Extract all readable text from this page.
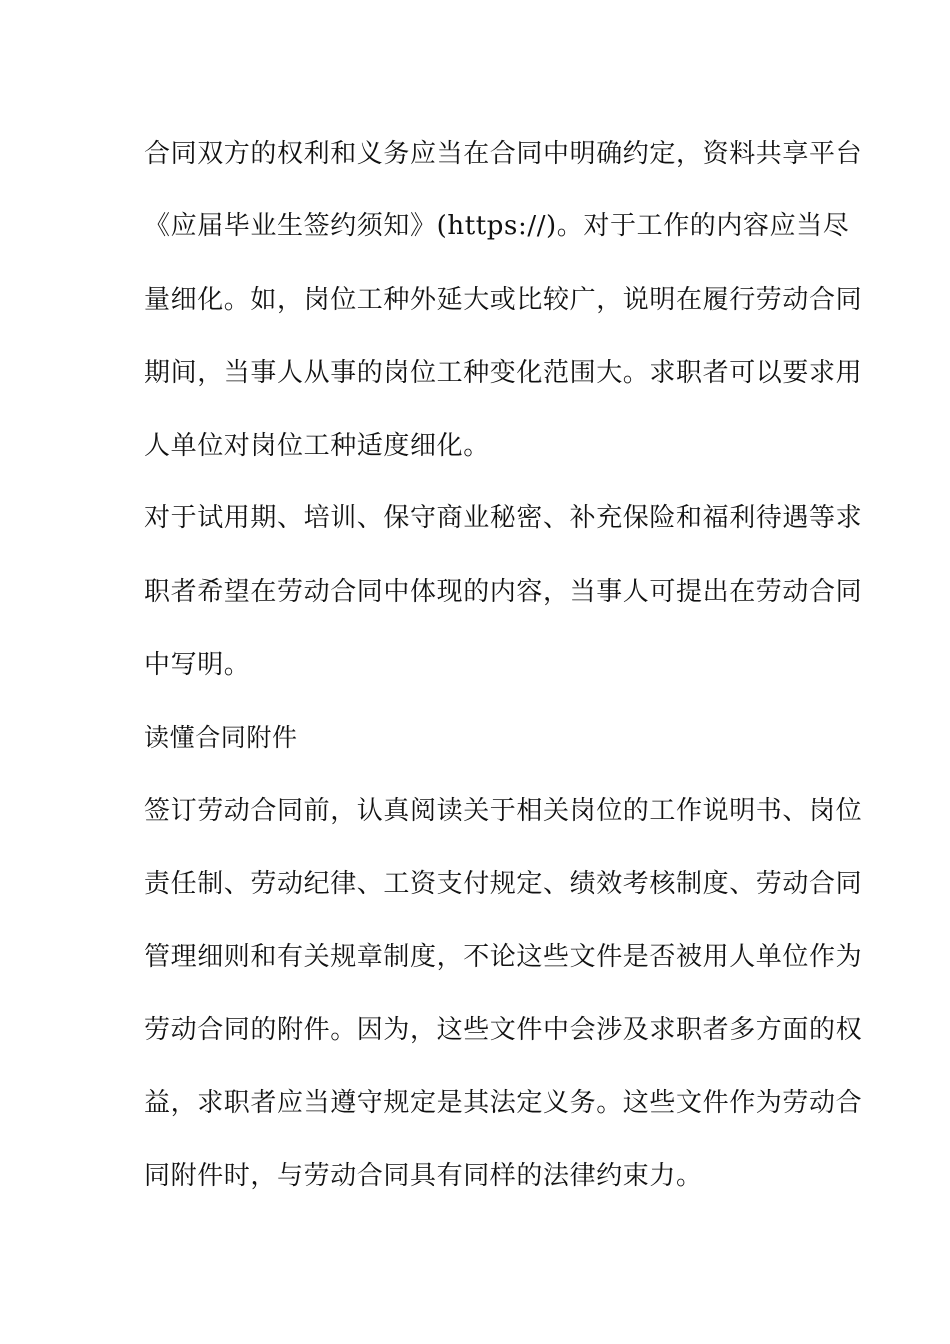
合同双方的权利和义务应当在合同中明确约定，资料共享平台
《应届毕业生签约须知》(https://)。对于工作的内容应当尽
量细化。如，岗位工种外延大或比较广，说明在履行劳动合同
期间，当事人从事的岗位工种变化范围大。求职者可以要求用
人单位对岗位工种适度细化。
对于试用期、培训、保守商业秘密、补充保险和福利待遇等求
职者希望在劳动合同中体现的内容，当事人可提出在劳动合同
中写明。
读懂合同附件
签订劳动合同前，认真阅读关于相关岗位的工作说明书、岗位
责任制、劳动纪律、工资支付规定、绩效考核制度、劳动合同
管理细则和有关规章制度，不论这些文件是否被用人单位作为
劳动合同的附件。因为，这些文件中会涉及求职者多方面的权
益，求职者应当遵守规定是其法定义务。这些文件作为劳动合
同附件时，与劳动合同具有同样的法律约束力。
